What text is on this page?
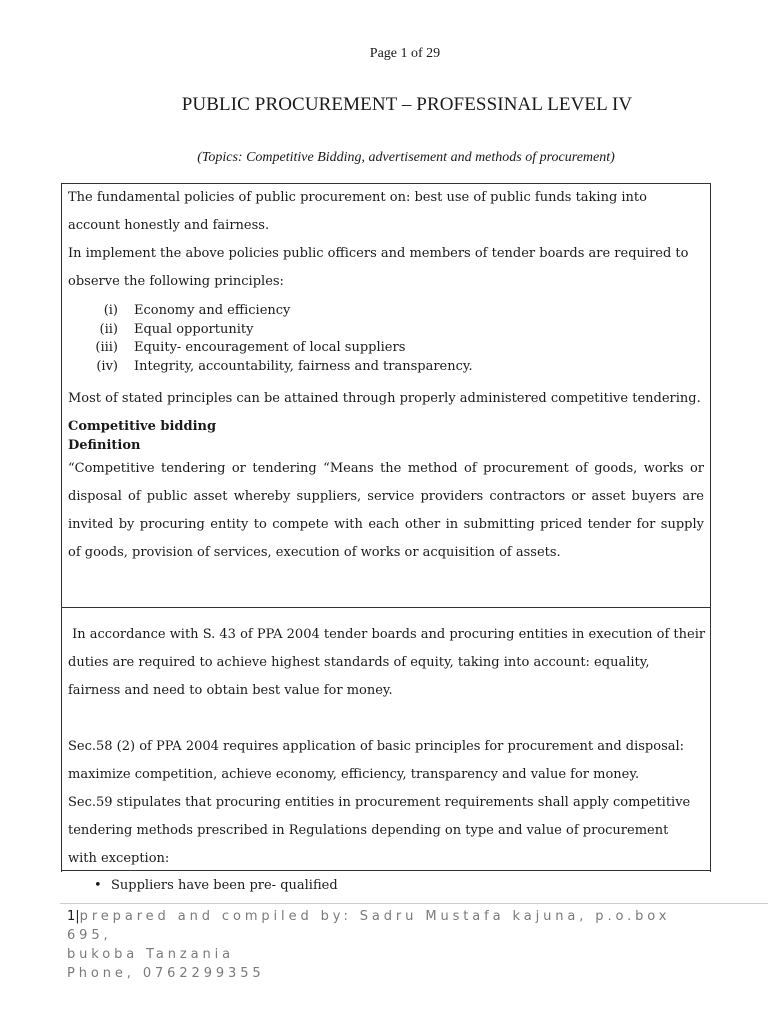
Page 1 of 29
PUBLIC PROCUREMENT – PROFESSINAL LEVEL IV
(Topics: Competitive Bidding, advertisement and methods of procurement)
The fundamental policies of public procurement on: best use of public funds taking into
account honestly and fairness.
In implement the above policies public officers and members of tender boards are required to
observe the following principles:
(i) Economy and efficiency
(ii) Equal opportunity
(iii) Equity- encouragement of local suppliers
(iv) Integrity, accountability, fairness and transparency.
Most of stated principles can be attained through properly administered competitive tendering.
Competitive bidding
Definition
“Competitive tendering or tendering “Means the method of procurement of goods, works or
disposal of public asset whereby suppliers, service providers contractors or asset buyers are
invited by procuring entity to compete with each other in submitting priced tender for supply
of goods, provision of services, execution of works or acquisition of assets.
In accordance with S. 43 of PPA 2004 tender boards and procuring entities in execution of their
duties are required to achieve highest standards of equity, taking into account: equality,
fairness and need to obtain best value for money.
Sec.58 (2) of PPA 2004 requires application of basic principles for procurement and disposal:
maximize competition, achieve economy, efficiency, transparency and value for money.
Sec.59 stipulates that procuring entities in procurement requirements shall apply competitive
tendering methods prescribed in Regulations depending on type and value of procurement
with exception:
• Suppliers have been pre- qualified
1|prepared and compiled by: Sadru Mustafa kajuna, p.o.box 695,
bukoba Tanzania
Phone, 0762299355
